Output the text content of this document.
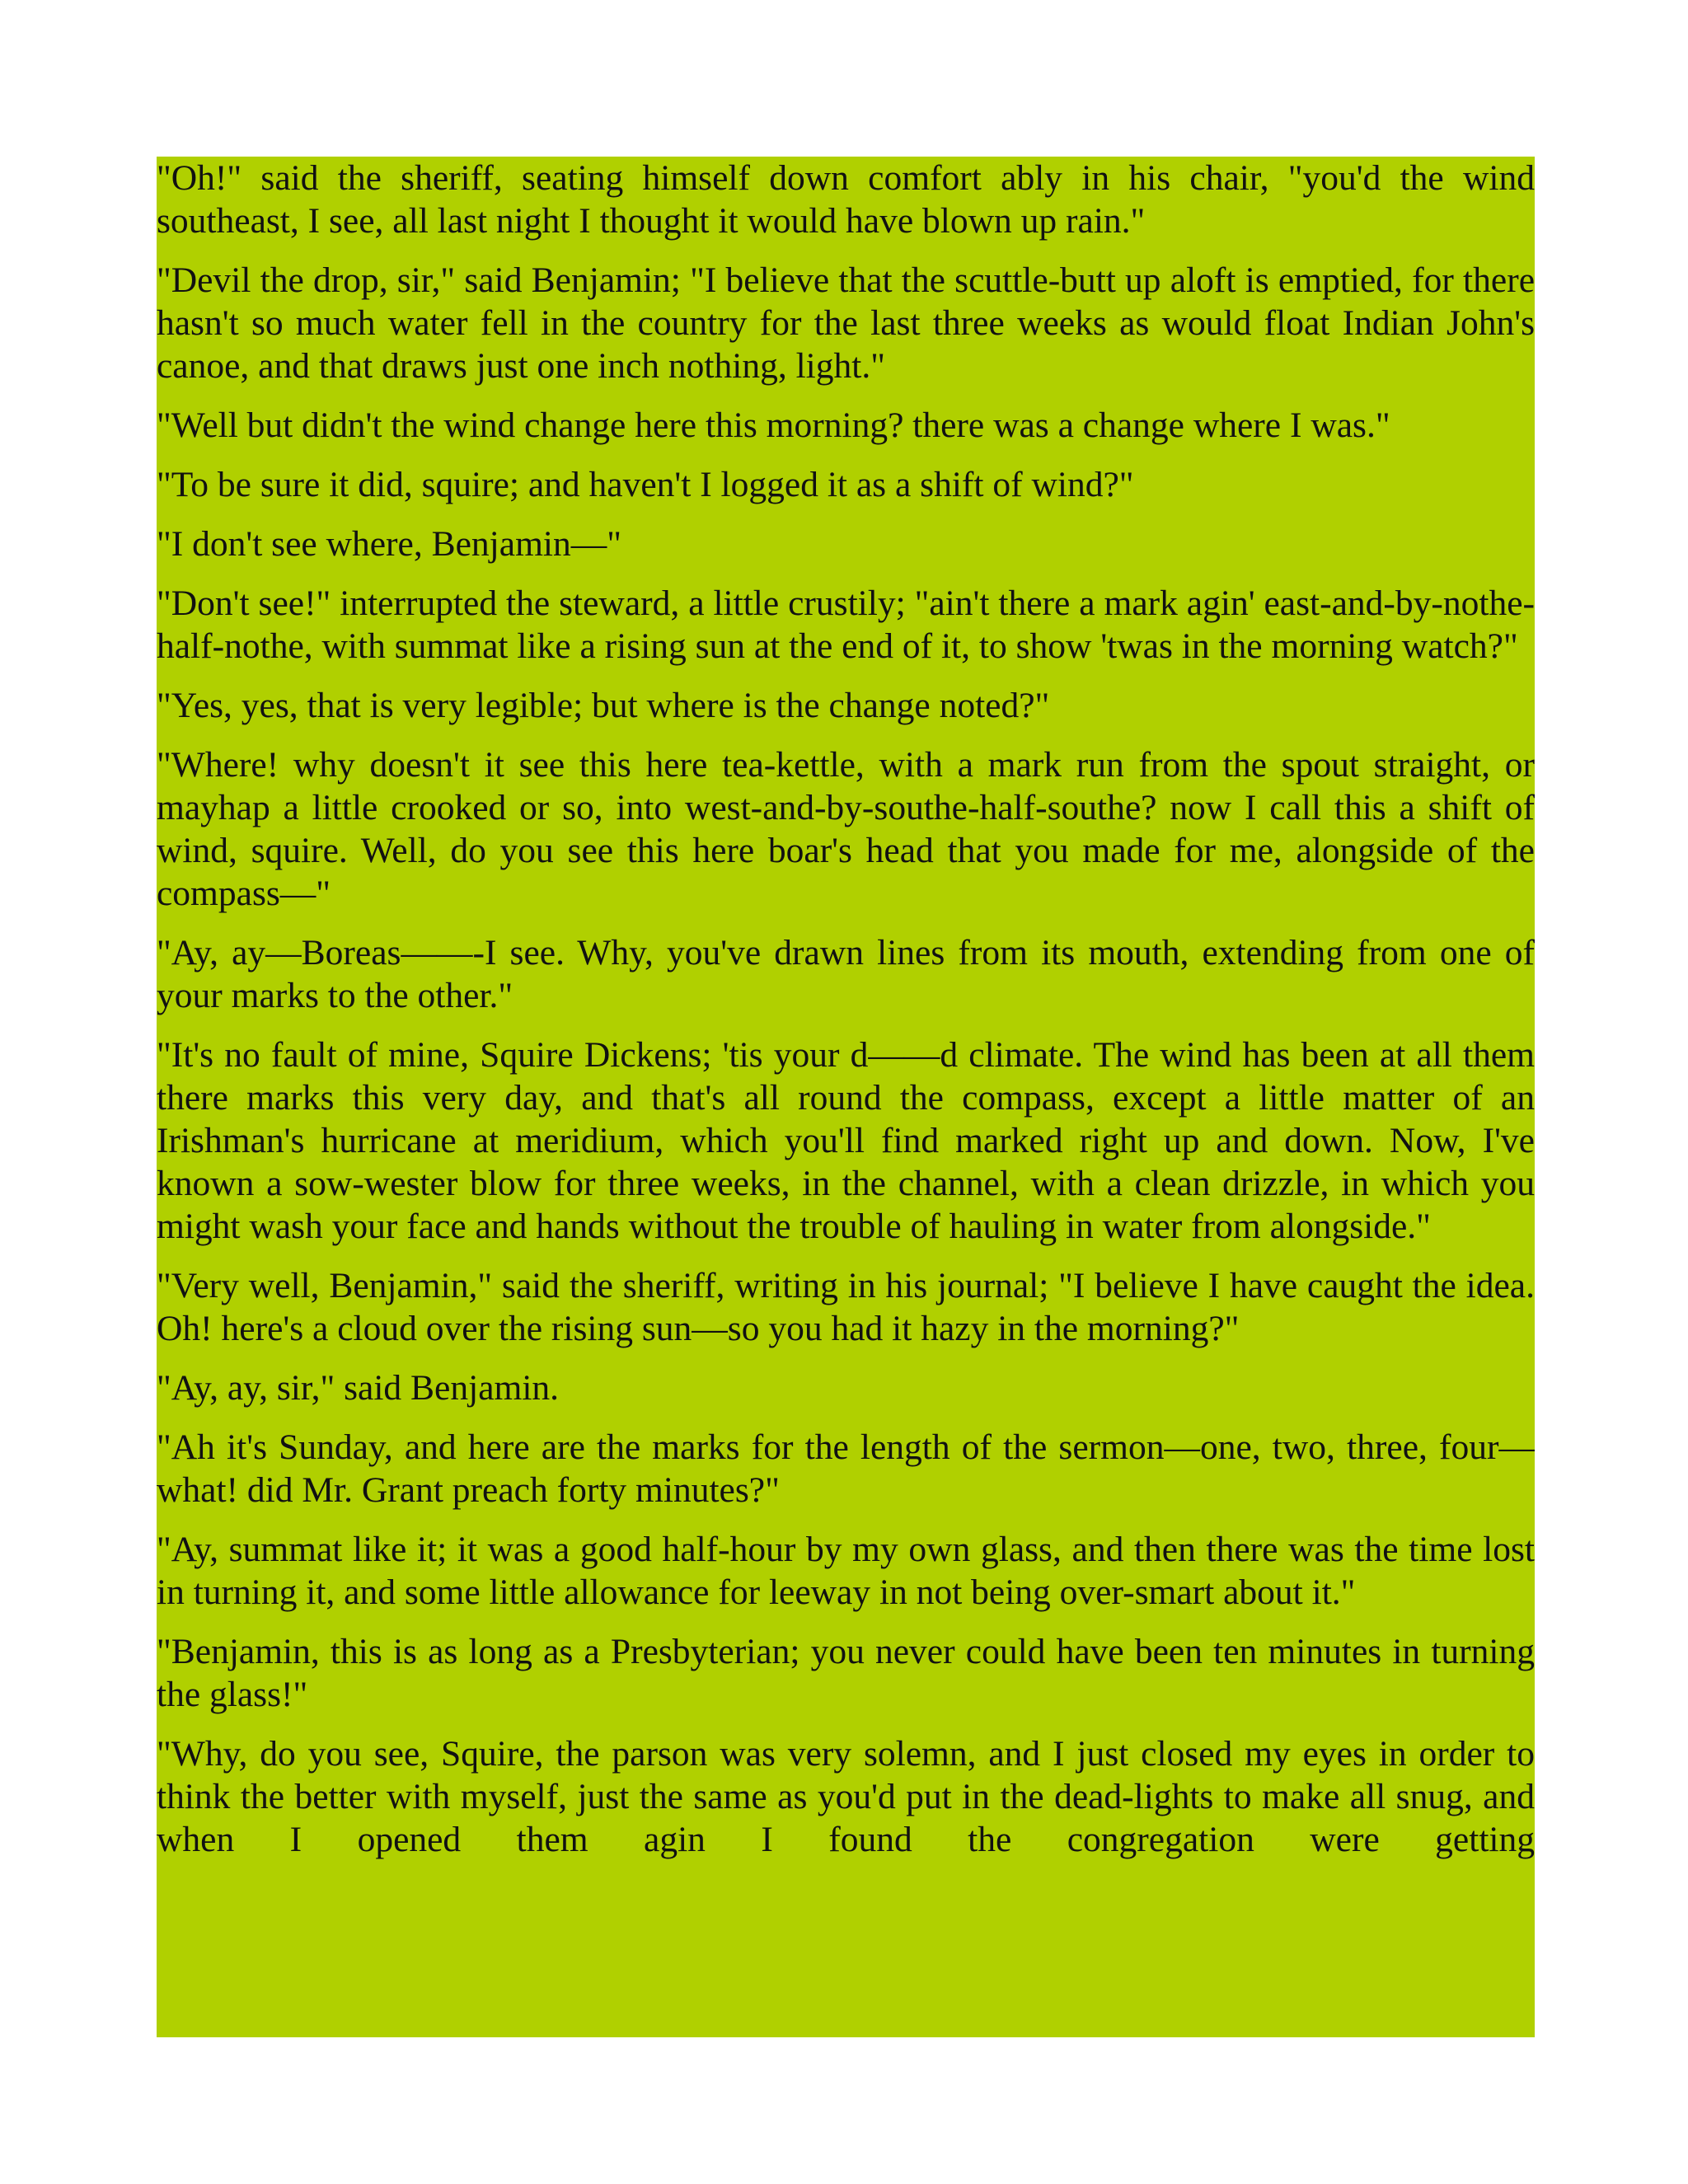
"Oh!" said the sheriff, seating himself down comfort ably in his chair, "you'd the wind southeast, I see, all last night I thought it would have blown up rain."

"Devil the drop, sir," said Benjamin; "I believe that the scuttle-butt up aloft is emptied, for there hasn't so much water fell in the country for the last three weeks as would float Indian John's canoe, and that draws just one inch nothing, light."

"Well but didn't the wind change here this morning? there was a change where I was."

"To be sure it did, squire; and haven't I logged it as a shift of wind?"

"I don't see where, Benjamin—"

"Don't see!" interrupted the steward, a little crustily; "ain't there a mark agin' east-and-by-nothe-half-nothe, with summat like a rising sun at the end of it, to show 'twas in the morning watch?"

"Yes, yes, that is very legible; but where is the change noted?"

"Where! why doesn't it see this here tea-kettle, with a mark run from the spout straight, or mayhap a little crooked or so, into west-and-by-southe-half-southe? now I call this a shift of wind, squire. Well, do you see this here boar's head that you made for me, alongside of the compass—"

"Ay, ay—Boreas——-I see. Why, you've drawn lines from its mouth, extending from one of your marks to the other."

"It's no fault of mine, Squire Dickens; 'tis your d——d climate. The wind has been at all them there marks this very day, and that's all round the compass, except a little matter of an Irishman's hurricane at meridium, which you'll find marked right up and down. Now, I've known a sow-wester blow for three weeks, in the channel, with a clean drizzle, in which you might wash your face and hands without the trouble of hauling in water from alongside."

"Very well, Benjamin," said the sheriff, writing in his journal; "I believe I have caught the idea. Oh! here's a cloud over the rising sun—so you had it hazy in the morning?"

"Ay, ay, sir," said Benjamin.

"Ah it's Sunday, and here are the marks for the length of the sermon—one, two, three, four—what! did Mr. Grant preach forty minutes?"

"Ay, summat like it; it was a good half-hour by my own glass, and then there was the time lost in turning it, and some little allowance for leeway in not being over-smart about it."

"Benjamin, this is as long as a Presbyterian; you never could have been ten minutes in turning the glass!"

"Why, do you see, Squire, the parson was very solemn, and I just closed my eyes in order to think the better with myself, just the same as you'd put in the dead-lights to make all snug, and when I opened them agin I found the congregation were getting
